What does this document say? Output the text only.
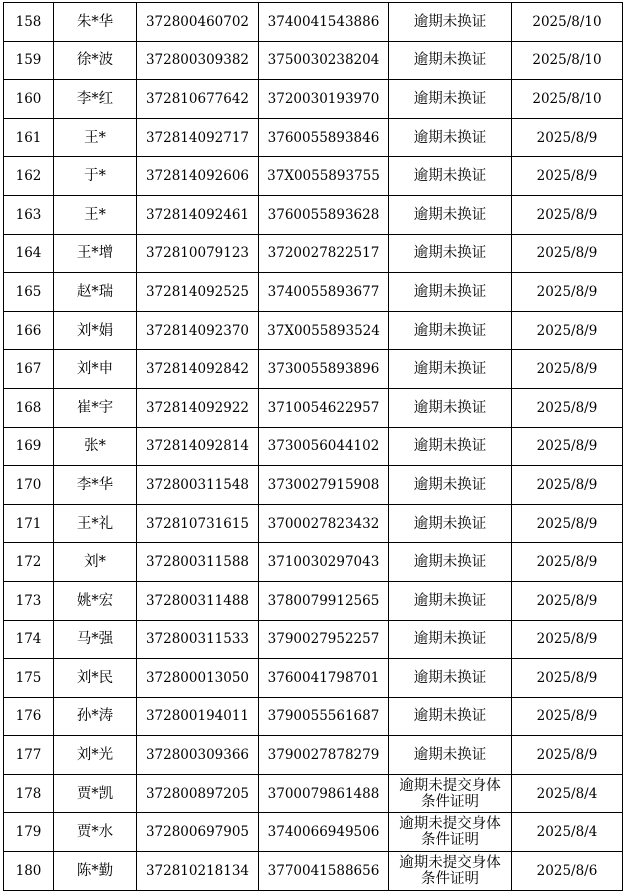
158	朱*华	372800460702	3740041543886	逾期未换证	2025/8/10
159	徐*波	372800309382	3750030238204	逾期未换证	2025/8/10
160	李*红	372810677642	3720030193970	逾期未换证	2025/8/10
161	王*	372814092717	3760055893846	逾期未换证	2025/8/9
162	于*	372814092606	37X0055893755	逾期未换证	2025/8/9
163	王*	372814092461	3760055893628	逾期未换证	2025/8/9
164	王*增	372810079123	3720027822517	逾期未换证	2025/8/9
165	赵*瑞	372814092525	3740055893677	逾期未换证	2025/8/9
166	刘*娟	372814092370	37X0055893524	逾期未换证	2025/8/9
167	刘*申	372814092842	3730055893896	逾期未换证	2025/8/9
168	崔*宇	372814092922	3710054622957	逾期未换证	2025/8/9
169	张*	372814092814	3730056044102	逾期未换证	2025/8/9
170	李*华	372800311548	3730027915908	逾期未换证	2025/8/9
171	王*礼	372810731615	3700027823432	逾期未换证	2025/8/9
172	刘*	372800311588	3710030297043	逾期未换证	2025/8/9
173	姚*宏	372800311488	3780079912565	逾期未换证	2025/8/9
174	马*强	372800311533	3790027952257	逾期未换证	2025/8/9
175	刘*民	372800013050	3760041798701	逾期未换证	2025/8/9
176	孙*涛	372800194011	3790055561687	逾期未换证	2025/8/9
177	刘*光	372800309366	3790027878279	逾期未换证	2025/8/9
178	贾*凯	372800897205	3700079861488	逾期未提交身体条件证明	2025/8/4
179	贾*水	372800697905	3740066949506	逾期未提交身体条件证明	2025/8/4
180	陈*勤	372810218134	3770041588656	逾期未提交身体条件证明	2025/8/6
